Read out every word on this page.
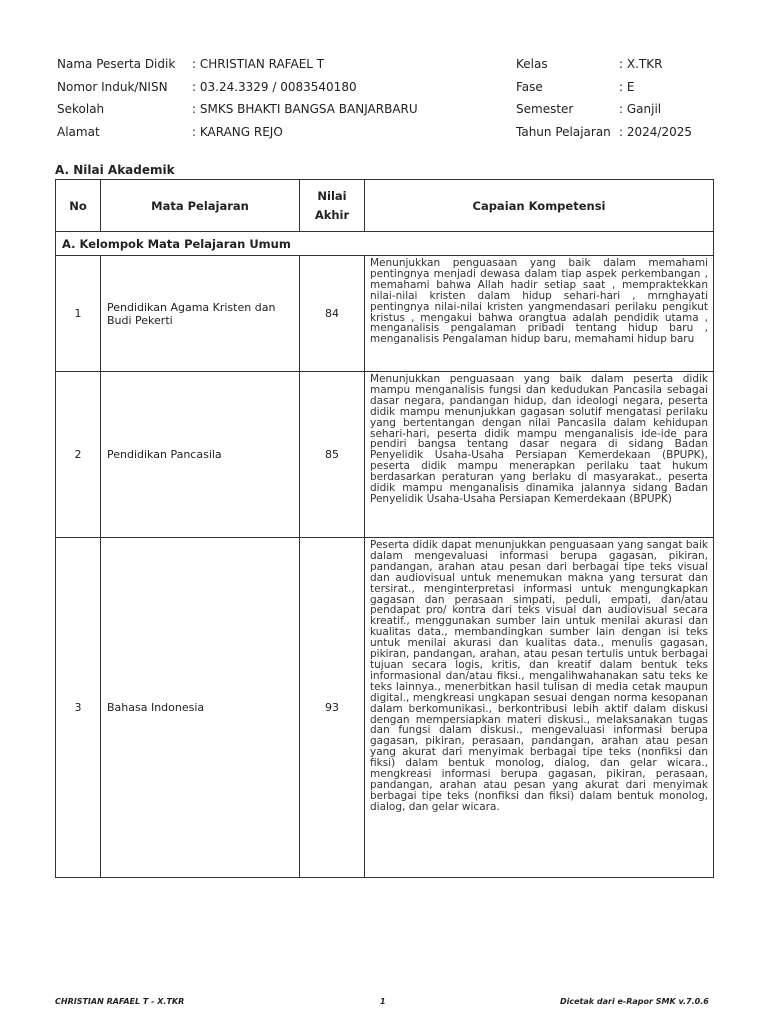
Nama Peserta Didik : CHRISTIAN RAFAEL T
Nomor Induk/NISN : 03.24.3329 / 0083540180
Sekolah	: SMKS BHAKTI BANGSA BANJARBARU
Alamat	: KARANG REJO
Kelas	: X.TKR
Fase	: E
Semester	: Ganjil
Tahun Pelajaran : 2024/2025
A. Nilai Akademik
No	Mata Pelajaran	Nilai Akhir	Capaian Kompetensi
A. Kelompok Mata Pelajaran Umum			
1	Pendidikan Agama Kristen dan Budi Pekerti	84	Menunjukkan penguasaan yang baik dalam memahami pentingnya menjadi dewasa dalam tiap aspek perkembangan , memahami bahwa Allah hadir setiap saat , mempraktekkan nilai-nilai kristen dalam hidup sehari-hari , mrnghayati pentingnya nilai-nilai kristen yangmendasari perilaku pengikut kristus , mengakui bahwa orangtua adalah pendidik utama , menganalisis pengalaman pribadi tentang hidup baru , menganalisis Pengalaman hidup baru, memahami hidup baru
2	Pendidikan Pancasila	85	Menunjukkan penguasaan yang baik dalam peserta didik mampu menganalisis fungsi dan kedudukan Pancasila sebagai dasar negara, pandangan hidup, dan ideologi negara, peserta didik mampu menunjukkan gagasan solutif mengatasi perilaku yang bertentangan dengan nilai Pancasila dalam kehidupan sehari-hari, peserta didik mampu menganalisis ide-ide para pendiri bangsa tentang dasar negara di sidang Badan Penyelidik Usaha-Usaha Persiapan Kemerdekaan (BPUPK), peserta didik mampu menerapkan perilaku taat hukum berdasarkan peraturan yang berlaku di masyarakat., peserta didik mampu menganalisis dinamika jalannya sidang Badan Penyelidik Usaha-Usaha Persiapan Kemerdekaan (BPUPK)
3	Bahasa Indonesia	93	Peserta didik dapat menunjukkan penguasaan yang sangat baik dalam mengevaluasi informasi berupa gagasan, pikiran, pandangan, arahan atau pesan dari berbagai tipe teks visual dan audiovisual untuk menemukan makna yang tersurat dan tersirat., menginterpretasi informasi untuk mengungkapkan gagasan dan perasaan simpati, peduli, empati, dan/atau pendapat pro/ kontra dari teks visual dan audiovisual secara kreatif., menggunakan sumber lain untuk menilai akurasi dan kualitas data., membandingkan sumber lain dengan isi teks untuk menilai akurasi dan kualitas data., menulis gagasan, pikiran, pandangan, arahan, atau pesan tertulis untuk berbagai tujuan secara logis, kritis, dan kreatif dalam bentuk teks informasional dan/atau fiksi., mengalihwahanakan satu teks ke teks lainnya., menerbitkan hasil tulisan di media cetak maupun digital., mengkreasi ungkapan sesuai dengan norma kesopanan dalam berkomunikasi., berkontribusi lebih aktif dalam diskusi dengan mempersiapkan materi diskusi., melaksanakan tugas dan fungsi dalam diskusi., mengevaluasi informasi berupa gagasan, pikiran, perasaan, pandangan, arahan atau pesan yang akurat dari menyimak berbagai tipe teks (nonfiksi dan fiksi) dalam bentuk monolog, dialog, dan gelar wicara., mengkreasi informasi berupa gagasan, pikiran, perasaan, pandangan, arahan atau pesan yang akurat dari menyimak berbagai tipe teks (nonfiksi dan fiksi) dalam bentuk monolog, dialog, dan gelar wicara.
CHRISTIAN RAFAEL T - X.TKR	1	Dicetak dari e-Rapor SMK v.7.0.6
